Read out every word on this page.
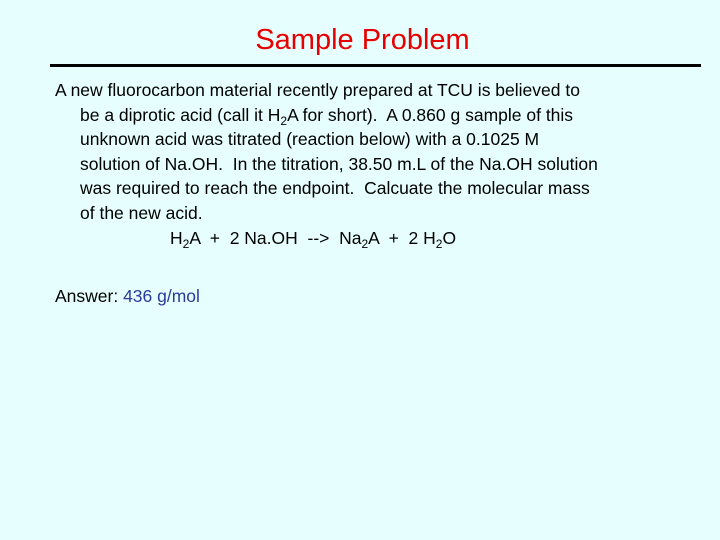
Sample Problem
A new fluorocarbon material recently prepared at TCU is believed to
be a diprotic acid (call it $H_2A$ for short).  A 0.860 g sample of this
unknown acid was titrated (reaction below) with a 0.1025 M
solution of Na.OH.  In the titration, 38.50 m.L of the Na.OH solution
was required to reach the endpoint.  Calcuate the molecular mass
of the new acid.
$H_2A + 2$ Na.OH  -->  $Na_2A + 2$ $H_2O$
Answer: 436 g/mol
